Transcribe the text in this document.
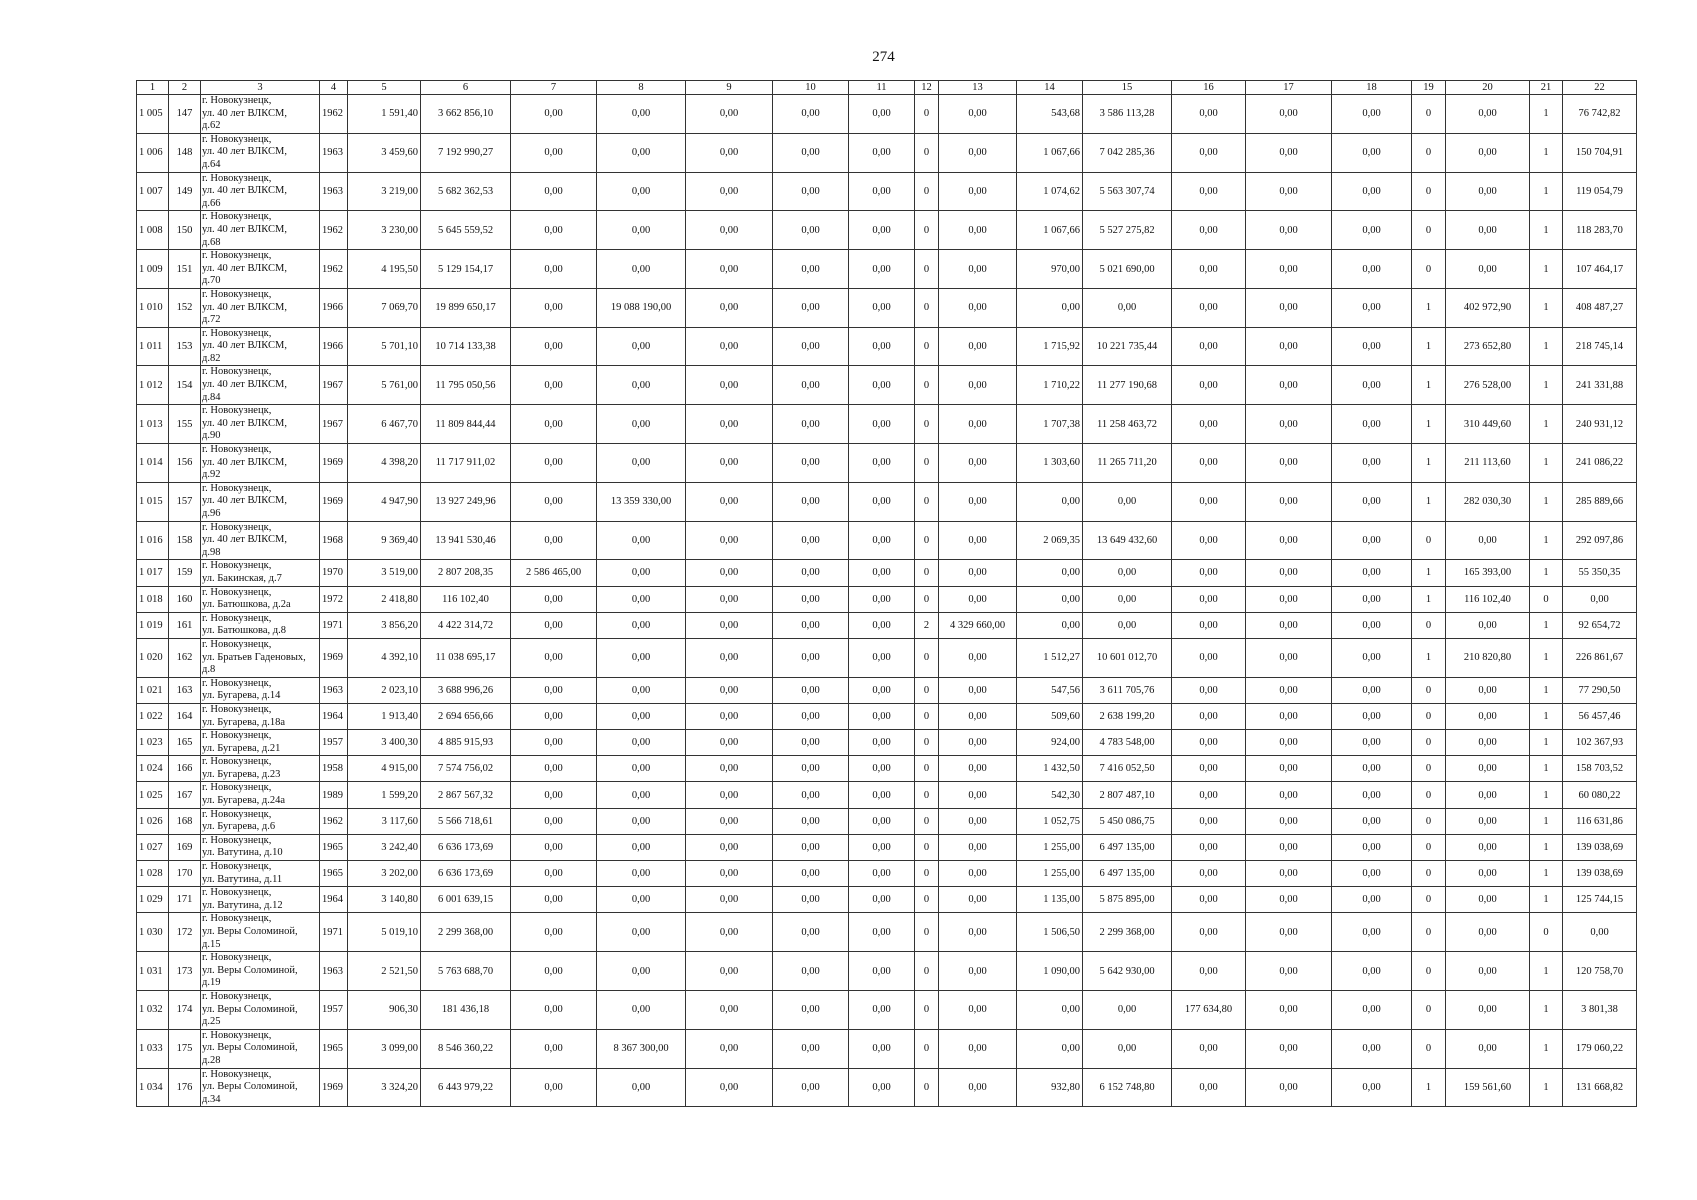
274
1	2	3	4	5	6	7	8	9	10	11	12	13	14	15	16	17	18	19	20	21	22
1 005	147	г. Новокузнецк,
ул. 40 лет ВЛКСМ,
д.62	1962	1 591,40	3 662 856,10	0,00	0,00	0,00	0,00	0,00	0	0,00	543,68	3 586 113,28	0,00	0,00	0,00	0	0,00	1	76 742,82
1 006	148	г. Новокузнецк,
ул. 40 лет ВЛКСМ,
д.64	1963	3 459,60	7 192 990,27	0,00	0,00	0,00	0,00	0,00	0	0,00	1 067,66	7 042 285,36	0,00	0,00	0,00	0	0,00	1	150 704,91
1 007	149	г. Новокузнецк,
ул. 40 лет ВЛКСМ,
д.66	1963	3 219,00	5 682 362,53	0,00	0,00	0,00	0,00	0,00	0	0,00	1 074,62	5 563 307,74	0,00	0,00	0,00	0	0,00	1	119 054,79
1 008	150	г. Новокузнецк,
ул. 40 лет ВЛКСМ,
д.68	1962	3 230,00	5 645 559,52	0,00	0,00	0,00	0,00	0,00	0	0,00	1 067,66	5 527 275,82	0,00	0,00	0,00	0	0,00	1	118 283,70
1 009	151	г. Новокузнецк,
ул. 40 лет ВЛКСМ,
д.70	1962	4 195,50	5 129 154,17	0,00	0,00	0,00	0,00	0,00	0	0,00	970,00	5 021 690,00	0,00	0,00	0,00	0	0,00	1	107 464,17
1 010	152	г. Новокузнецк,
ул. 40 лет ВЛКСМ,
д.72	1966	7 069,70	19 899 650,17	0,00	19 088 190,00	0,00	0,00	0,00	0	0,00	0,00	0,00	0,00	0,00	0,00	1	402 972,90	1	408 487,27
1 011	153	г. Новокузнецк,
ул. 40 лет ВЛКСМ,
д.82	1966	5 701,10	10 714 133,38	0,00	0,00	0,00	0,00	0,00	0	0,00	1 715,92	10 221 735,44	0,00	0,00	0,00	1	273 652,80	1	218 745,14
1 012	154	г. Новокузнецк,
ул. 40 лет ВЛКСМ,
д.84	1967	5 761,00	11 795 050,56	0,00	0,00	0,00	0,00	0,00	0	0,00	1 710,22	11 277 190,68	0,00	0,00	0,00	1	276 528,00	1	241 331,88
1 013	155	г. Новокузнецк,
ул. 40 лет ВЛКСМ,
д.90	1967	6 467,70	11 809 844,44	0,00	0,00	0,00	0,00	0,00	0	0,00	1 707,38	11 258 463,72	0,00	0,00	0,00	1	310 449,60	1	240 931,12
1 014	156	г. Новокузнецк,
ул. 40 лет ВЛКСМ,
д.92	1969	4 398,20	11 717 911,02	0,00	0,00	0,00	0,00	0,00	0	0,00	1 303,60	11 265 711,20	0,00	0,00	0,00	1	211 113,60	1	241 086,22
1 015	157	г. Новокузнецк,
ул. 40 лет ВЛКСМ,
д.96	1969	4 947,90	13 927 249,96	0,00	13 359 330,00	0,00	0,00	0,00	0	0,00	0,00	0,00	0,00	0,00	0,00	1	282 030,30	1	285 889,66
1 016	158	г. Новокузнецк,
ул. 40 лет ВЛКСМ,
д.98	1968	9 369,40	13 941 530,46	0,00	0,00	0,00	0,00	0,00	0	0,00	2 069,35	13 649 432,60	0,00	0,00	0,00	0	0,00	1	292 097,86
1 017	159	г. Новокузнецк,
ул. Бакинская, д.7	1970	3 519,00	2 807 208,35	2 586 465,00	0,00	0,00	0,00	0,00	0	0,00	0,00	0,00	0,00	0,00	0,00	1	165 393,00	1	55 350,35
1 018	160	г. Новокузнецк,
ул. Батюшкова, д.2а	1972	2 418,80	116 102,40	0,00	0,00	0,00	0,00	0,00	0	0,00	0,00	0,00	0,00	0,00	0,00	1	116 102,40	0	0,00
1 019	161	г. Новокузнецк,
ул. Батюшкова, д.8	1971	3 856,20	4 422 314,72	0,00	0,00	0,00	0,00	0,00	2	4 329 660,00	0,00	0,00	0,00	0,00	0,00	0	0,00	1	92 654,72
1 020	162	г. Новокузнецк,
ул. Братьев Гаденовых,
д.8	1969	4 392,10	11 038 695,17	0,00	0,00	0,00	0,00	0,00	0	0,00	1 512,27	10 601 012,70	0,00	0,00	0,00	1	210 820,80	1	226 861,67
1 021	163	г. Новокузнецк,
ул. Бугарева, д.14	1963	2 023,10	3 688 996,26	0,00	0,00	0,00	0,00	0,00	0	0,00	547,56	3 611 705,76	0,00	0,00	0,00	0	0,00	1	77 290,50
1 022	164	г. Новокузнецк,
ул. Бугарева, д.18а	1964	1 913,40	2 694 656,66	0,00	0,00	0,00	0,00	0,00	0	0,00	509,60	2 638 199,20	0,00	0,00	0,00	0	0,00	1	56 457,46
1 023	165	г. Новокузнецк,
ул. Бугарева, д.21	1957	3 400,30	4 885 915,93	0,00	0,00	0,00	0,00	0,00	0	0,00	924,00	4 783 548,00	0,00	0,00	0,00	0	0,00	1	102 367,93
1 024	166	г. Новокузнецк,
ул. Бугарева, д.23	1958	4 915,00	7 574 756,02	0,00	0,00	0,00	0,00	0,00	0	0,00	1 432,50	7 416 052,50	0,00	0,00	0,00	0	0,00	1	158 703,52
1 025	167	г. Новокузнецк,
ул. Бугарева, д.24а	1989	1 599,20	2 867 567,32	0,00	0,00	0,00	0,00	0,00	0	0,00	542,30	2 807 487,10	0,00	0,00	0,00	0	0,00	1	60 080,22
1 026	168	г. Новокузнецк,
ул. Бугарева, д.6	1962	3 117,60	5 566 718,61	0,00	0,00	0,00	0,00	0,00	0	0,00	1 052,75	5 450 086,75	0,00	0,00	0,00	0	0,00	1	116 631,86
1 027	169	г. Новокузнецк,
ул. Ватутина, д.10	1965	3 242,40	6 636 173,69	0,00	0,00	0,00	0,00	0,00	0	0,00	1 255,00	6 497 135,00	0,00	0,00	0,00	0	0,00	1	139 038,69
1 028	170	г. Новокузнецк,
ул. Ватутина, д.11	1965	3 202,00	6 636 173,69	0,00	0,00	0,00	0,00	0,00	0	0,00	1 255,00	6 497 135,00	0,00	0,00	0,00	0	0,00	1	139 038,69
1 029	171	г. Новокузнецк,
ул. Ватутина, д.12	1964	3 140,80	6 001 639,15	0,00	0,00	0,00	0,00	0,00	0	0,00	1 135,00	5 875 895,00	0,00	0,00	0,00	0	0,00	1	125 744,15
1 030	172	г. Новокузнецк,
ул. Веры Соломиной,
д.15	1971	5 019,10	2 299 368,00	0,00	0,00	0,00	0,00	0,00	0	0,00	1 506,50	2 299 368,00	0,00	0,00	0,00	0	0,00	0	0,00
1 031	173	г. Новокузнецк,
ул. Веры Соломиной,
д.19	1963	2 521,50	5 763 688,70	0,00	0,00	0,00	0,00	0,00	0	0,00	1 090,00	5 642 930,00	0,00	0,00	0,00	0	0,00	1	120 758,70
1 032	174	г. Новокузнецк,
ул. Веры Соломиной,
д.25	1957	906,30	181 436,18	0,00	0,00	0,00	0,00	0,00	0	0,00	0,00	0,00	177 634,80	0,00	0,00	0	0,00	1	3 801,38
1 033	175	г. Новокузнецк,
ул. Веры Соломиной,
д.28	1965	3 099,00	8 546 360,22	0,00	8 367 300,00	0,00	0,00	0,00	0	0,00	0,00	0,00	0,00	0,00	0,00	0	0,00	1	179 060,22
1 034	176	г. Новокузнецк,
ул. Веры Соломиной,
д.34	1969	3 324,20	6 443 979,22	0,00	0,00	0,00	0,00	0,00	0	0,00	932,80	6 152 748,80	0,00	0,00	0,00	1	159 561,60	1	131 668,82
